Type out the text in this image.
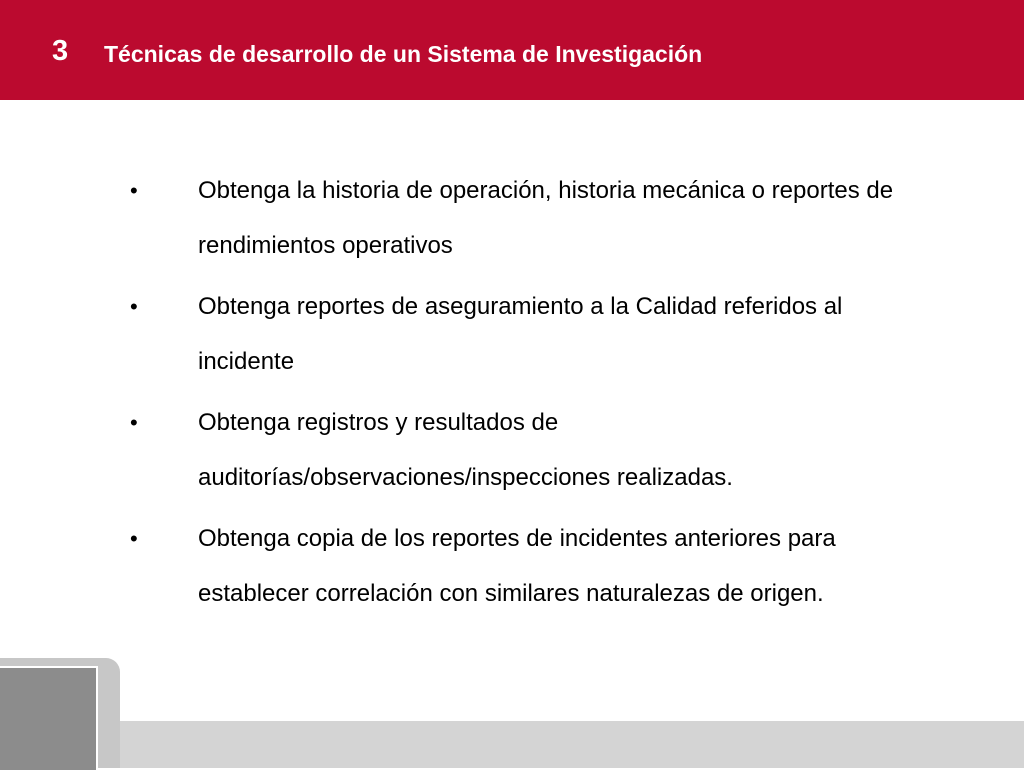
3 Técnicas de desarrollo de un Sistema de Investigación
•	Obtenga la historia de operación, historia mecánica o reportes de rendimientos operativos
•	Obtenga reportes de aseguramiento a la Calidad referidos al incidente
•	Obtenga registros y resultados de auditorías/observaciones/inspecciones realizadas.
•	Obtenga copia de los reportes de incidentes anteriores para establecer correlación con similares naturalezas de origen.
